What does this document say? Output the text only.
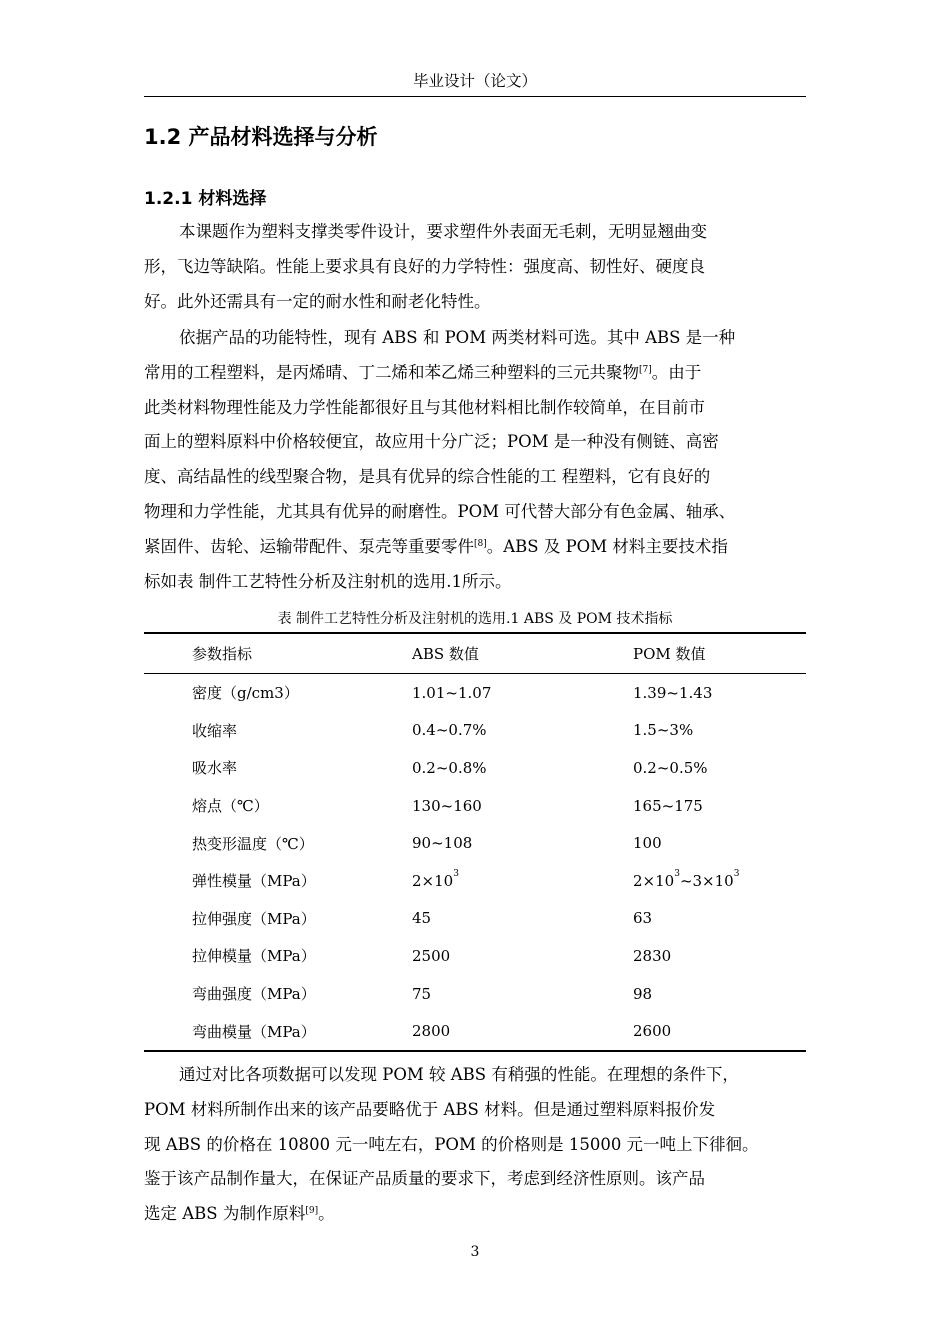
毕业设计（论文）
1.2 产品材料选择与分析
1.2.1 材料选择
本课题作为塑料支撑类零件设计，要求塑件外表面无毛刺，无明显翘曲变
形，飞边等缺陷。性能上要求具有良好的力学特性：强度高、韧性好、硬度良
好。此外还需具有一定的耐水性和耐老化特性。
依据产品的功能特性，现有 ABS 和 POM 两类材料可选。其中 ABS 是一种
常用的工程塑料，是丙烯晴、丁二烯和苯乙烯三种塑料的三元共聚物[7]。由于
此类材料物理性能及力学性能都很好且与其他材料相比制作较简单，在目前市
面上的塑料原料中价格较便宜，故应用十分广泛；POM 是一种没有侧链、高密
度、高结晶性的线型聚合物，是具有优异的综合性能的工 程塑料，它有良好的
物理和力学性能，尤其具有优异的耐磨性。POM 可代替大部分有色金属、轴承、
紧固件、齿轮、运输带配件、泵壳等重要零件[8]。ABS 及 POM 材料主要技术指
标如表 制件工艺特性分析及注射机的选用.1所示。
表 制件工艺特性分析及注射机的选用.1 ABS 及 POM 技术指标
参数指标	ABS 数值	POM 数值
密度（g/cm3）	1.01~1.07	1.39~1.43
收缩率	0.4~0.7%	1.5~3%
吸水率	0.2~0.8%	0.2~0.5%
熔点（℃）	130~160	165~175
热变形温度（℃）	90~108	100
弹性模量（MPa）	$2\times 10^3$	$2\times 10^3\sim 3\times 10^3$
拉伸强度（MPa）	45	63
拉伸模量（MPa）	2500	2830
弯曲强度（MPa）	75	98
弯曲模量（MPa）	2800	2600
通过对比各项数据可以发现 POM 较 ABS 有稍强的性能。在理想的条件下，
POM 材料所制作出来的该产品要略优于 ABS 材料。但是通过塑料原料报价发
现 ABS 的价格在 10800 元一吨左右，POM 的价格则是 15000 元一吨上下徘徊。
鉴于该产品制作量大，在保证产品质量的要求下，考虑到经济性原则。该产品
选定 ABS 为制作原料[9]。
3
